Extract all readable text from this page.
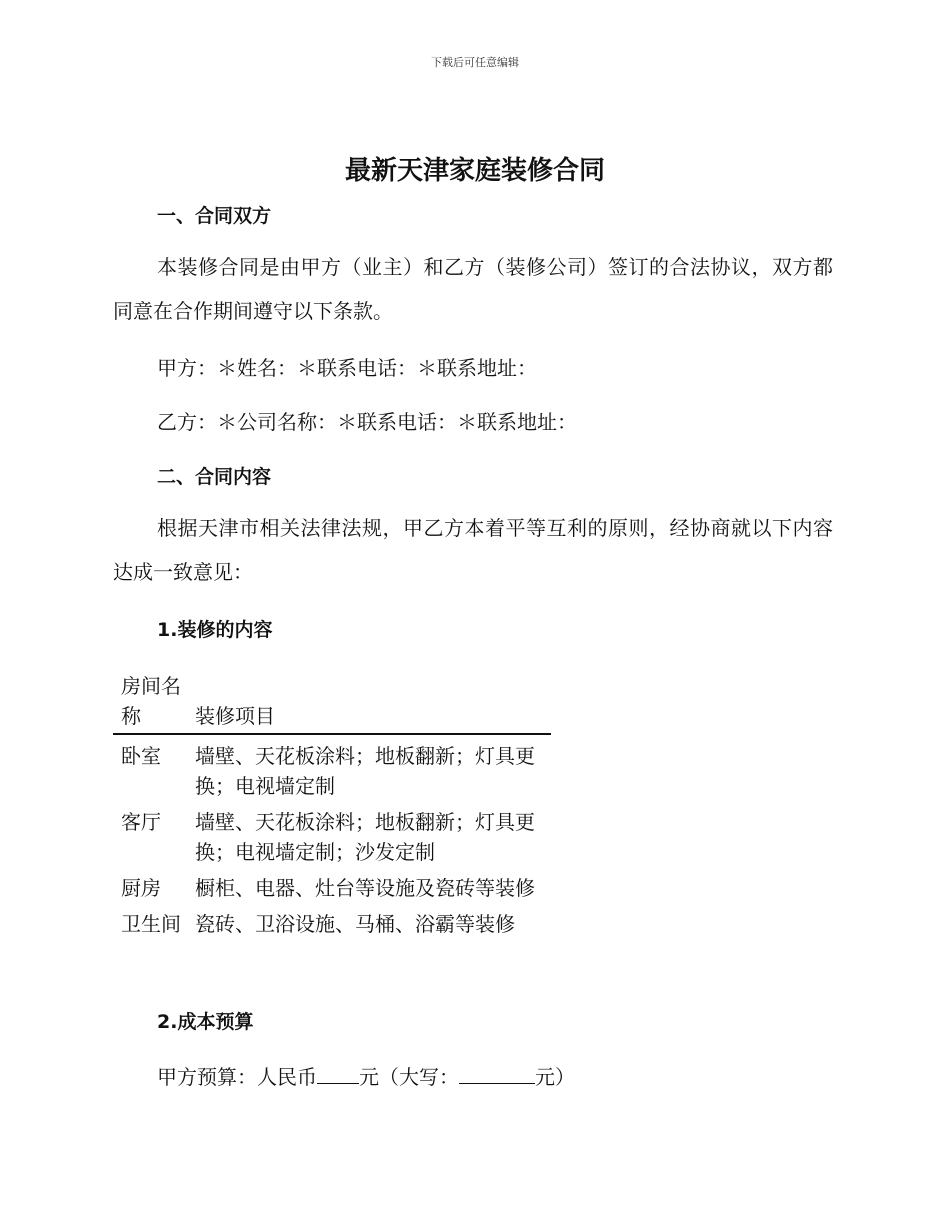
下载后可任意编辑
最新天津家庭装修合同
一、合同双方
本装修合同是由甲方（业主）和乙方（装修公司）签订的合法协议，双方都同意在合作期间遵守以下条款。
甲方：＊姓名：＊联系电话：＊联系地址：
乙方：＊公司名称：＊联系电话：＊联系地址：
二、合同内容
根据天津市相关法律法规，甲乙方本着平等互利的原则，经协商就以下内容达成一致意见：
1.装修的内容
房间名称	装修项目
卧室	墙壁、天花板涂料；地板翻新；灯具更换；电视墙定制
客厅	墙壁、天花板涂料；地板翻新；灯具更换；电视墙定制；沙发定制
厨房	橱柜、电器、灶台等设施及瓷砖等装修
卫生间	瓷砖、卫浴设施、马桶、浴霸等装修
2.成本预算
甲方预算：人民币 元（大写：	元）
